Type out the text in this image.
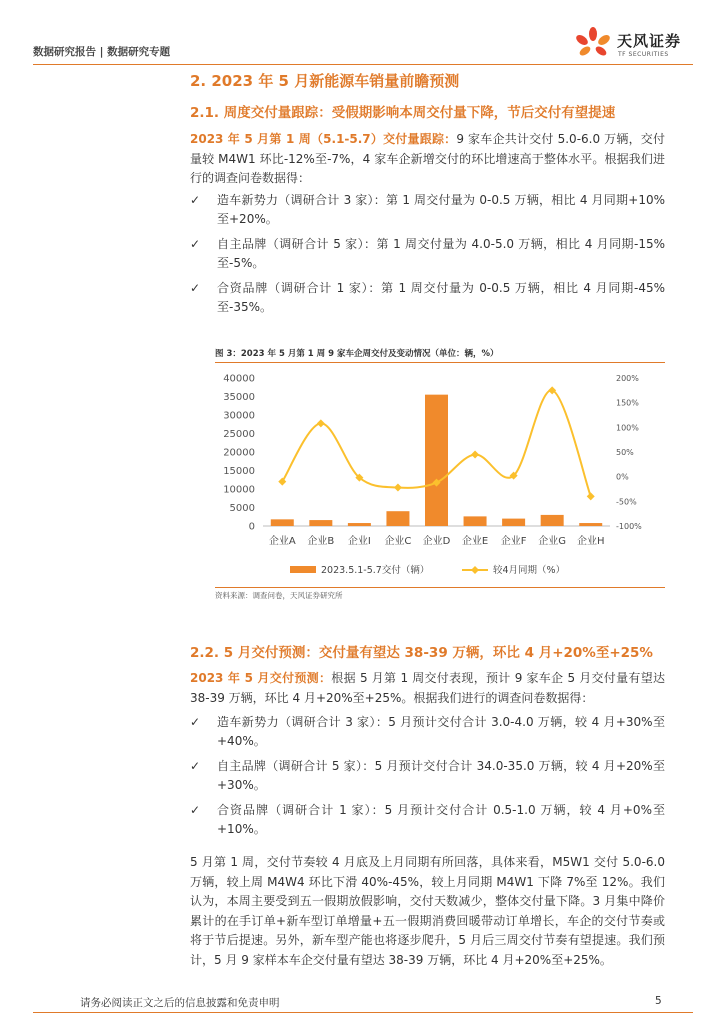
数据研究报告 | 数据研究专题
天风证券
TF SECURITIES
2. 2023 年 5 月新能源车销量前瞻预测
2.1. 周度交付量跟踪：受假期影响本周交付量下降，节后交付有望提速
2023 年 5 月第 1 周（5.1-5.7）交付量跟踪：9 家车企共计交付 5.0-6.0 万辆，交付量较 M4W1 环比-12%至-7%，4 家车企新增交付的环比增速高于整体水平。根据我们进行的调查问卷数据得：
✓	造车新势力（调研合计 3 家）：第 1 周交付量为 0-0.5 万辆，相比 4 月同期+10%至+20%。
✓	自主品牌（调研合计 5 家）：第 1 周交付量为 4.0-5.0 万辆，相比 4 月同期-15%至-5%。
✓	合资品牌（调研合计 1 家）：第 1 周交付量为 0-0.5 万辆，相比 4 月同期-45%至-35%。
图 3：2023 年 5 月第 1 周 9 家车企周交付及变动情况（单位：辆，%）
0
5000
10000
15000
20000
25000
30000
35000
40000
-100%
-50%
0%
50%
100%
150%
200%
企业A 企业B 企业I 企业C 企业D 企业E 企业F 企业G 企业H
2023.5.1-5.7交付（辆）	较4月同期（%）
资料来源：调查问卷，天风证券研究所
2.2. 5 月交付预测：交付量有望达 38-39 万辆，环比 4 月+20%至+25%
2023 年 5 月交付预测：根据 5 月第 1 周交付表现，预计 9 家车企 5 月交付量有望达 38-39 万辆，环比 4 月+20%至+25%。根据我们进行的调查问卷数据得：
✓	造车新势力（调研合计 3 家）：5 月预计交付合计 3.0-4.0 万辆，较 4 月+30%至+40%。
✓	自主品牌（调研合计 5 家）：5 月预计交付合计 34.0-35.0 万辆，较 4 月+20%至+30%。
✓	合资品牌（调研合计 1 家）：5 月预计交付合计 0.5-1.0 万辆，较 4 月+0%至+10%。
5 月第 1 周，交付节奏较 4 月底及上月同期有所回落，具体来看，M5W1 交付 5.0-6.0 万辆，较上周 M4W4 环比下滑 40%-45%，较上月同期 M4W1 下降 7%至 12%。我们认为，本周主要受到五一假期放假影响，交付天数减少，整体交付量下降。3 月集中降价累计的在手订单+新车型订单增量+五一假期消费回暖带动订单增长，车企的交付节奏或将于节后提速。另外，新车型产能也将逐步爬升，5 月后三周交付节奏有望提速。我们预计，5 月 9 家样本车企交付量有望达 38-39 万辆，环比 4 月+20%至+25%。
请务必阅读正文之后的信息披露和免责申明	5
